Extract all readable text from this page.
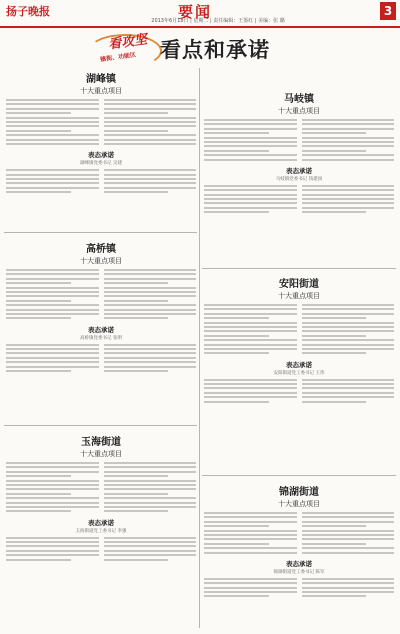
扬子晚报	要闻	3
2013年6月18日 | 星期二 | 责任编辑：王鉴红 | 美编：张 璐
看攻坚
镇街、功能区 看点和承诺
湖峰镇
十大重点项目
表态承诺
湖峰镇党委书记 吴建
马岐镇
十大重点项目
表态承诺
马岐镇党委书记 钱建国
高桥镇
十大重点项目
表态承诺
高桥镇党委书记 张明
安阳街道
十大重点项目
表态承诺
安阳街道党工委书记 王伟
玉海街道
十大重点项目
表态承诺
玉海街道党工委书记 李强
锦湖街道
十大重点项目
表态承诺
锦湖街道党工委书记 陈军
